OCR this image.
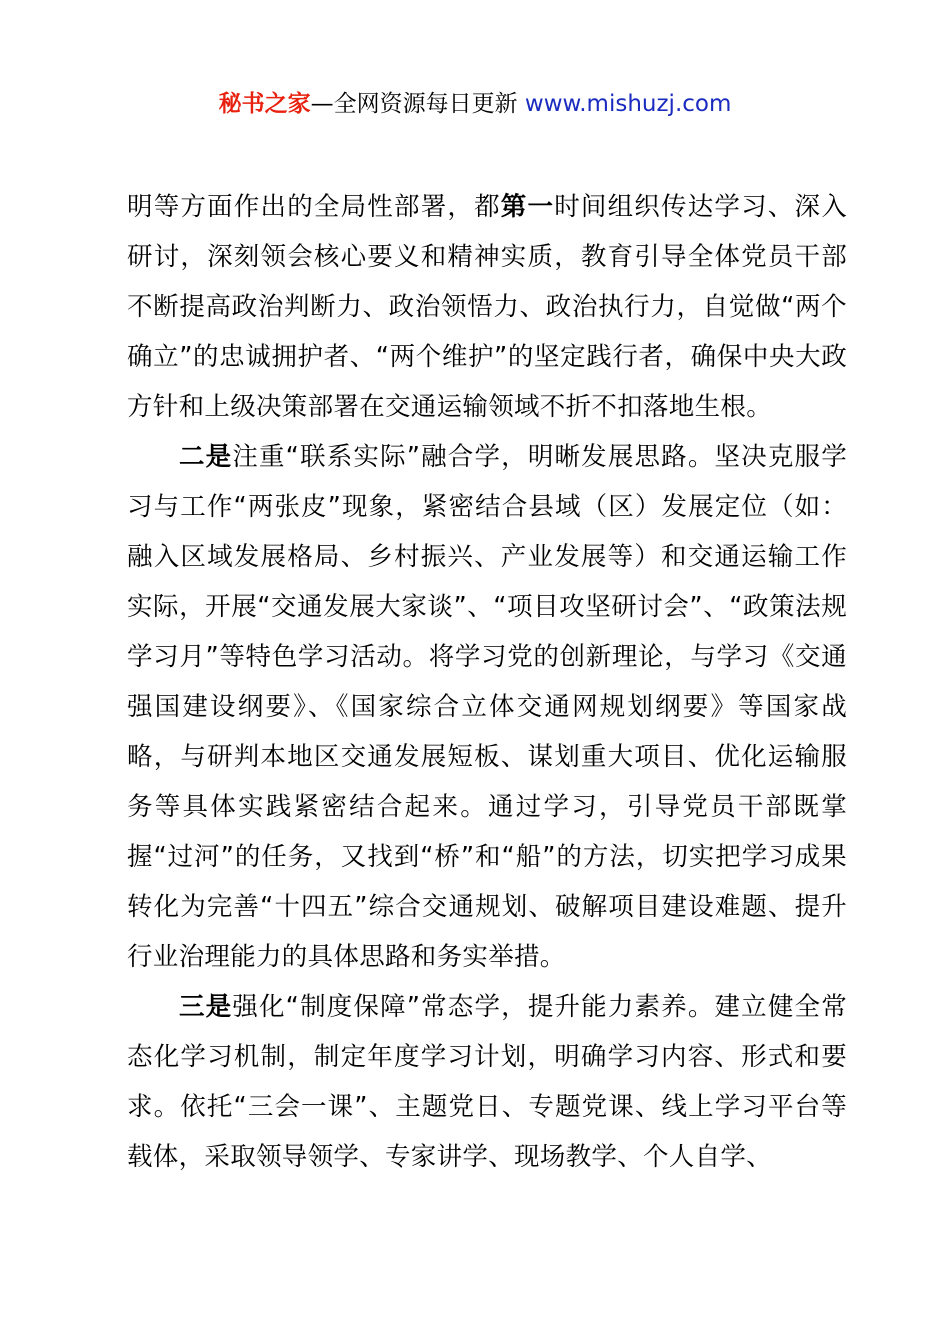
秘书之家—全网资源每日更新 www.mishuzj.com

明等方面作出的全局性部署，都第一时间组织传达学习、深入研讨，深刻领会核心要义和精神实质，教育引导全体党员干部不断提高政治判断力、政治领悟力、政治执行力，自觉做“两个确立”的忠诚拥护者、“两个维护”的坚定践行者，确保中央大政方针和上级决策部署在交通运输领域不折不扣落地生根。

二是注重“联系实际”融合学，明晰发展思路。坚决克服学习与工作“两张皮”现象，紧密结合县域（区）发展定位（如：融入区域发展格局、乡村振兴、产业发展等）和交通运输工作实际，开展“交通发展大家谈”、“项目攻坚研讨会”、“政策法规学习月”等特色学习活动。将学习党的创新理论，与学习《交通强国建设纲要》、《国家综合立体交通网规划纲要》等国家战略，与研判本地区交通发展短板、谋划重大项目、优化运输服务等具体实践紧密结合起来。通过学习，引导党员干部既掌握“过河”的任务，又找到“桥”和“船”的方法，切实把学习成果转化为完善“十四五”综合交通规划、破解项目建设难题、提升行业治理能力的具体思路和务实举措。

三是强化“制度保障”常态学，提升能力素养。建立健全常态化学习机制，制定年度学习计划，明确学习内容、形式和要求。依托“三会一课”、主题党日、专题党课、线上学习平台等载体，采取领导领学、专家讲学、现场教学、个人自学、
